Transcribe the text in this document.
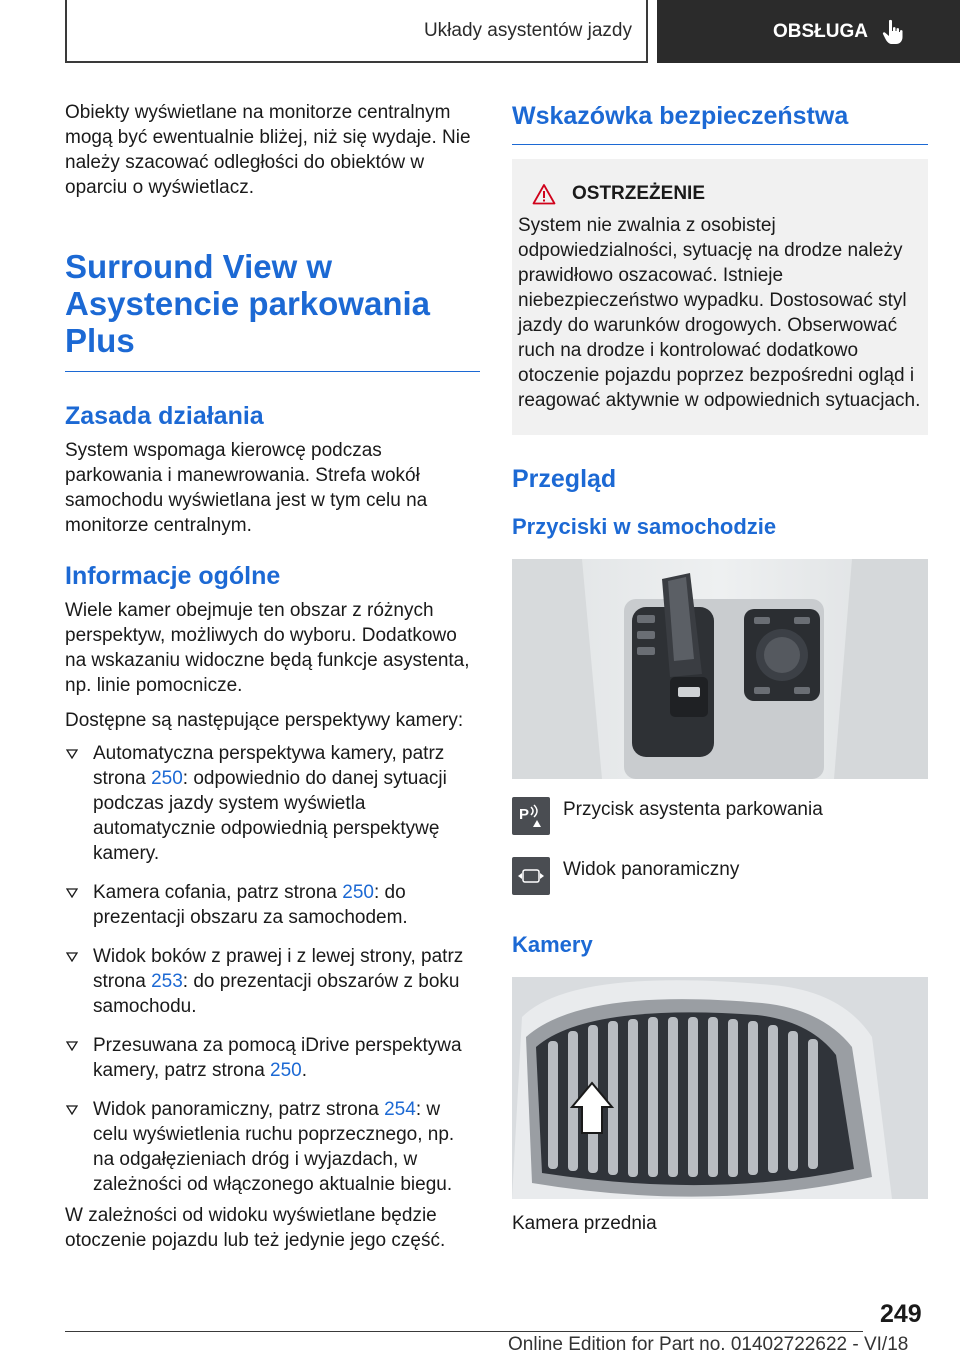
Układy asystentów jazdy	OBSŁUGA

Obiekty wyświetlane na monitorze centralnym mogą być ewentualnie bliżej, niż się wydaje. Nie należy szacować odległości do obiektów w oparciu o wyświetlacz.

Surround View w Asystencie parkowania Plus
Zasada działania

System wspomaga kierowcę podczas parkowania i manewrowania. Strefa wokół samochodu wyświetlana jest w tym celu na monitorze centralnym.

Informacje ogólne

Wiele kamer obejmuje ten obszar z różnych perspektyw, możliwych do wyboru. Dodatkowo na wskazaniu widoczne będą funkcje asystenta, np. linie pomocnicze.

Dostępne są następujące perspektywy kamery:

Automatyczna perspektywa kamery, patrz strona 250: odpowiednio do danej sytuacji podczas jazdy system wyświetla automatycznie odpowiednią perspektywę kamery.
Kamera cofania, patrz strona 250: do prezentacji obszaru za samochodem.
Widok boków z prawej i z lewej strony, patrz strona 253: do prezentacji obszarów z boku samochodu.
Przesuwana za pomocą iDrive perspektywa kamery, patrz strona 250.
Widok panoramiczny, patrz strona 254: w celu wyświetlenia ruchu poprzecznego, np. na odgałęzieniach dróg i wyjazdach, w zależności od włączonego aktualnie biegu.

W zależności od widoku wyświetlane będzie otoczenie pojazdu lub też jedynie jego część.

Wskazówka bezpieczeństwa
OSTRZEŻENIE

System nie zwalnia z osobistej odpowiedzialności, sytuację na drodze należy prawidłowo oszacować. Istnieje niebezpieczeństwo wypadku. Dostosować styl jazdy do warunków drogowych. Obserwować ruch na drodze i kontrolować dodatkowo otoczenie pojazdu poprzez bezpośredni ogląd i reagować aktywnie w odpowiednich sytuacjach.

Przegląd
Przyciski w samochodzie
P Przycisk asystenta parkowania

Widok panoramiczny

Kamery

Kamera przednia

249
Online Edition for Part no. 01402722622 - VI/18
